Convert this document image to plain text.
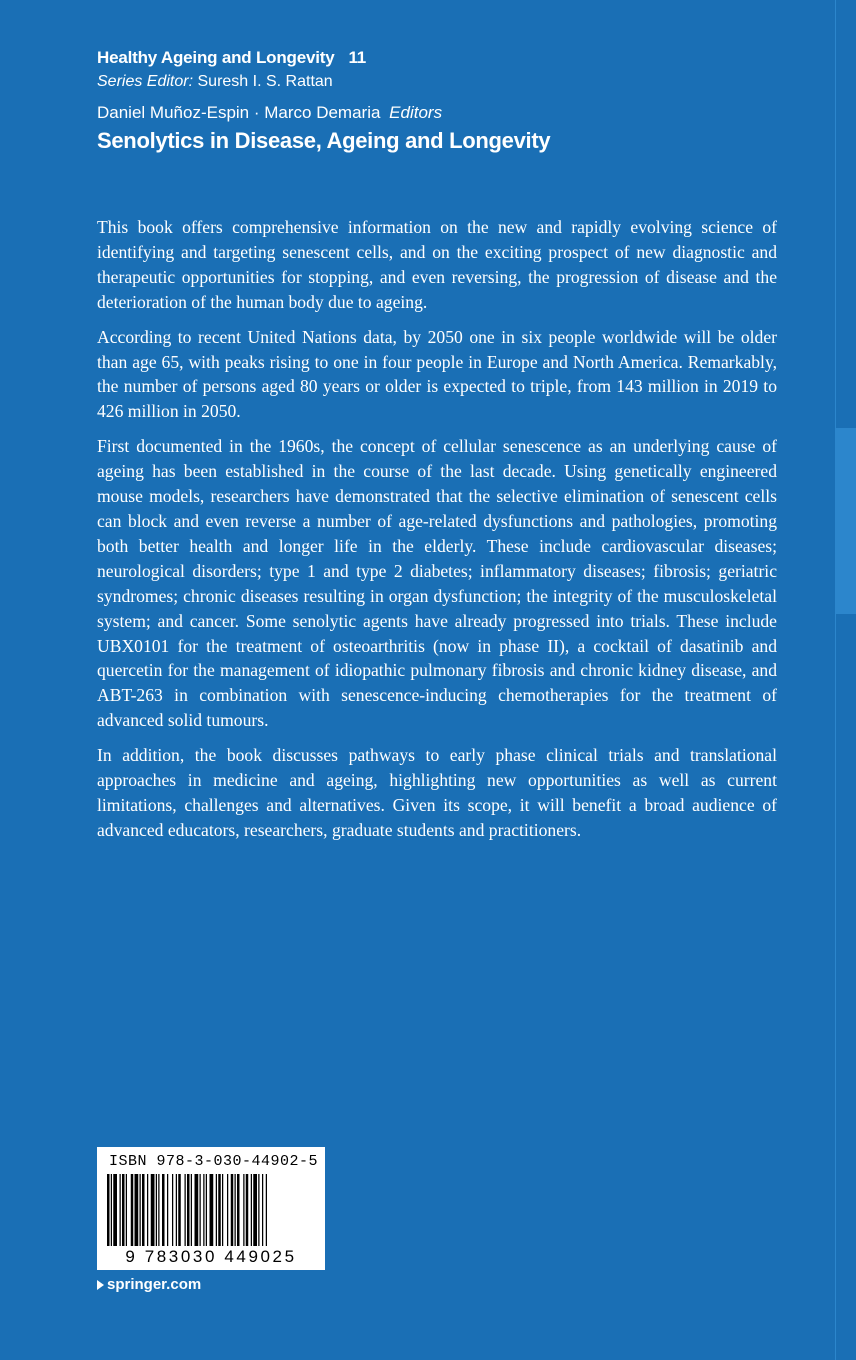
Healthy Ageing and Longevity 11
Series Editor: Suresh I. S. Rattan
Daniel Muñoz-Espin · Marco Demaria Editors
Senolytics in Disease, Ageing and Longevity

This book offers comprehensive information on the new and rapidly evolving science of identifying and targeting senescent cells, and on the exciting prospect of new diagnostic and therapeutic opportunities for stopping, and even reversing, the progression of disease and the deterioration of the human body due to ageing.

According to recent United Nations data, by 2050 one in six people worldwide will be older than age 65, with peaks rising to one in four people in Europe and North America. Remarkably, the number of persons aged 80 years or older is expected to triple, from 143 million in 2019 to 426 million in 2050.

First documented in the 1960s, the concept of cellular senescence as an underlying cause of ageing has been established in the course of the last decade. Using genetically engineered mouse models, researchers have demonstrated that the selective elimination of senescent cells can block and even reverse a number of age-related dysfunctions and pathologies, promoting both better health and longer life in the elderly. These include cardiovascular diseases; neurological disorders; type 1 and type 2 diabetes; inflammatory diseases; fibrosis; geriatric syndromes; chronic diseases resulting in organ dysfunction; the integrity of the musculoskeletal system; and cancer. Some senolytic agents have already progressed into trials. These include UBX0101 for the treatment of osteoarthritis (now in phase II), a cocktail of dasatinib and quercetin for the management of idiopathic pulmonary fibrosis and chronic kidney disease, and ABT-263 in combination with senescence-inducing chemotherapies for the treatment of advanced solid tumours.

In addition, the book discusses pathways to early phase clinical trials and translational approaches in medicine and ageing, highlighting new opportunities as well as current limitations, challenges and alternatives. Given its scope, it will benefit a broad audience of advanced educators, researchers, graduate students and practitioners.

ISBN 978-3-030-44902-5
9 783030 449025
springer.com
